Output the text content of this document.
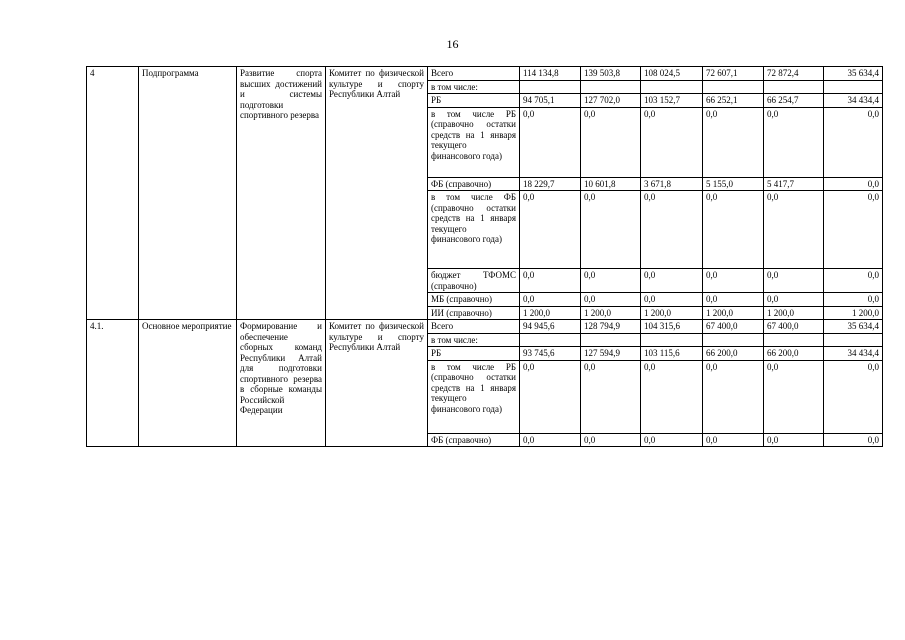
16
4	Подпрограмма	Развитие спорта высших достижений и системы подготовки спортивного резерва	Комитет по физической культуре и спорту Республики Алтай	Всего	114 134,8	139 503,8	108 024,5	72 607,1	72 872,4	35 634,4
				в том числе:						
				РБ	94 705,1	127 702,0	103 152,7	66 252,1	66 254,7	34 434,4
				в том числе РБ (справочно остатки средств на 1 января текущего финансового года)	0,0	0,0	0,0	0,0	0,0	0,0
				ФБ (справочно)	18 229,7	10 601,8	3 671,8	5 155,0	5 417,7	0,0
				в том числе ФБ (справочно остатки средств на 1 января текущего финансового года)	0,0	0,0	0,0	0,0	0,0	0,0
				бюджет ТФОМС (справочно)	0,0	0,0	0,0	0,0	0,0	0,0
				МБ (справочно)	0,0	0,0	0,0	0,0	0,0	0,0
				ИИ (справочно)	1 200,0	1 200,0	1 200,0	1 200,0	1 200,0	1 200,0
4.1.	Основное мероприятие	Формирование и обеспечение сборных команд Республики Алтай для подготовки спортивного резерва в сборные команды Российской Федерации	Комитет по физической культуре и спорту Республики Алтай	Всего	94 945,6	128 794,9	104 315,6	67 400,0	67 400,0	35 634,4
				в том числе:						
				РБ	93 745,6	127 594,9	103 115,6	66 200,0	66 200,0	34 434,4
				в том числе РБ (справочно остатки средств на 1 января текущего финансового года)	0,0	0,0	0,0	0,0	0,0	0,0
				ФБ (справочно)	0,0	0,0	0,0	0,0	0,0	0,0
